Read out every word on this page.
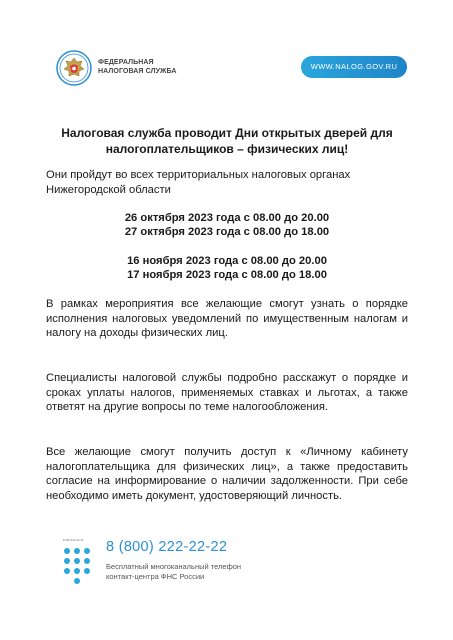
ФЕДЕРАЛЬНАЯ
НАЛОГОВАЯ СЛУЖБА
WWW.NALOG.GOV.RU
Налоговая служба проводит Дни открытых дверей для налогоплательщиков – физических лиц!
Они пройдут во всех территориальных налоговых органах Нижегородской области
26 октября 2023 года с 08.00 до 20.00
27 октября 2023 года с 08.00 до 18.00
16 ноября 2023 года с 08.00 до 20.00
17 ноября 2023 года с 08.00 до 18.00
В рамках мероприятия все желающие смогут узнать о порядке исполнения налоговых уведомлений по имущественным налогам и налогу на доходы физических лиц.
Специалисты налоговой службы подробно расскажут о порядке и сроках уплаты налогов, применяемых ставках и льготах, а также ответят на другие вопросы по теме налогообложения.
Все желающие смогут получить доступ к «Личному кабинету налогоплательщика для физических лиц», а также предоставить согласие на информирование о наличии задолженности. При себе необходимо иметь документ, удостоверяющий личность.
8 800 222-22-22 8 (800) 222-22-22
Бесплатный многоканальный телефон
контакт-центра ФНС России
